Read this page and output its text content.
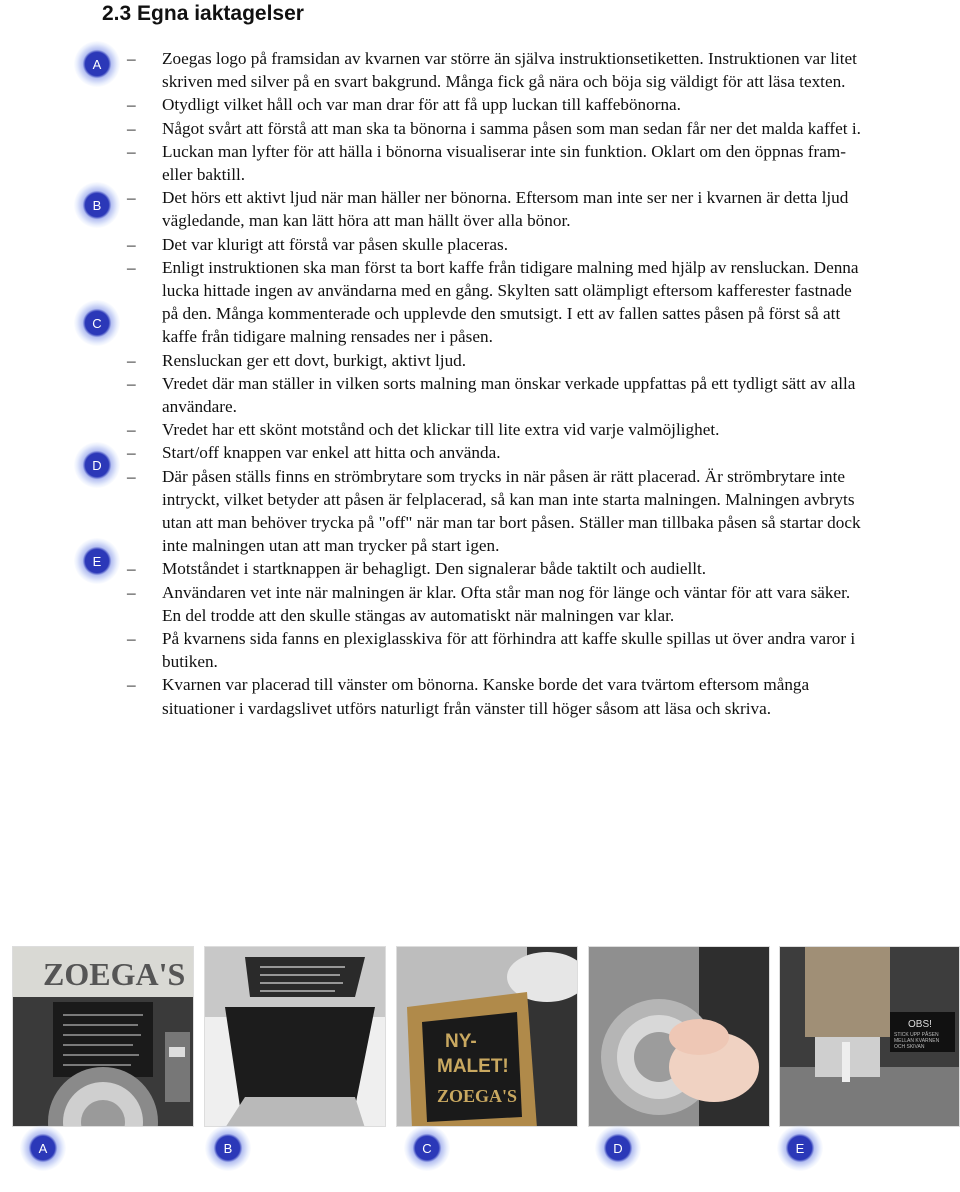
2.3 Egna iaktagelser
A
B
C
D
E
–	Zoegas logo på framsidan av kvarnen var större än själva instruktionsetiketten. Instruktionen var litet skriven med silver på en svart bakgrund. Många fick gå nära och böja sig väldigt för att läsa texten.
–	Otydligt vilket håll och var man drar för att få upp luckan till kaffebönorna.
–	Något svårt att förstå att man ska ta bönorna i samma påsen som man sedan får ner det malda kaffet i.
–	Luckan man lyfter för att hälla i bönorna visualiserar inte sin funktion. Oklart om den öppnas fram- eller baktill.
–	Det hörs ett aktivt ljud när man häller ner bönorna. Eftersom man inte ser ner i kvarnen är detta ljud vägledande, man kan lätt höra att man hällt över alla bönor.
–	Det var klurigt att förstå var påsen skulle placeras.
–	Enligt instruktionen ska man först ta bort kaffe från tidigare malning med hjälp av rensluckan. Denna lucka hittade ingen av användarna med en gång. Skylten satt olämpligt eftersom kafferester fastnade på den. Många kommenterade och upplevde den smutsigt. I ett av fallen sattes påsen på först så att kaffe från tidigare malning rensades ner i påsen.
–	Rensluckan ger ett dovt, burkigt, aktivt ljud.
–	Vredet där man ställer in vilken sorts malning man önskar verkade uppfattas på ett tydligt sätt av alla användare.
–	Vredet har ett skönt motstånd och det klickar till lite extra vid varje valmöjlighet.
–	Start/off knappen var enkel att hitta och använda.
–	Där påsen ställs finns en strömbrytare som trycks in när påsen är rätt placerad. Är strömbrytare inte intryckt, vilket betyder att påsen är felplacerad, så kan man inte starta malningen. Malningen avbryts utan att man behöver trycka på "off" när man tar bort påsen. Ställer man tillbaka påsen så startar dock inte malningen utan att man trycker på start igen.
–	Motståndet i startknappen är behagligt. Den signalerar både taktilt och audiellt.
–	Användaren vet inte när malningen är klar. Ofta står man nog för länge och väntar för att vara säker. En del trodde att den skulle stängas av automatiskt när malningen var klar.
–	På kvarnens sida fanns en plexiglasskiva för att förhindra att kaffe skulle spillas ut över andra varor i butiken.
–	Kvarnen var placerad till vänster om bönorna. Kanske borde det vara tvärtom eftersom många situationer i vardagslivet utförs naturligt från vänster till höger såsom att läsa och skriva.
ZOEGA'S
NY-
MALET!
ZOEGA'S
OBS!
STICK UPP PÅSEN
MELLAN KVARNEN
OCH SKIVAN
A	B	C	D	E
